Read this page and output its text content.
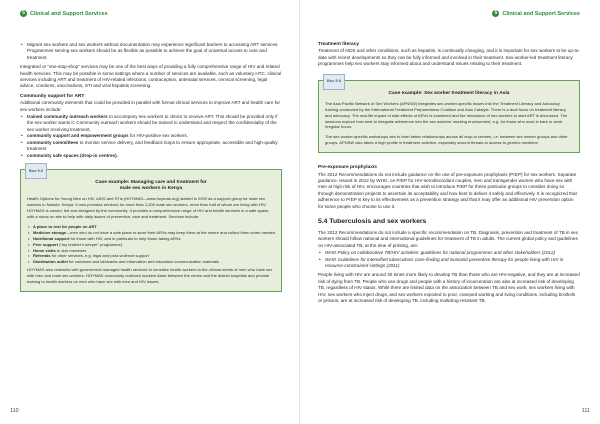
5 Clinical and Support Services
• Migrant sex workers and sex workers without documentation may experience significant barriers to accessing ART services. Programmes serving sex workers should be as flexible as possible to achieve the goal of universal access to care and treatment.

Integrated or “one-stop-shop” services may be one of the best ways of providing a fully comprehensive range of HIV and related health services. This may be possible in some settings where a number of services are available, such as voluntary HTC, clinical services including ART and treatment of HIV-related infections, contraception, antenatal services, cervical screening, legal advice, condoms, vaccinations, STI and viral hepatitis screening.

Community support for ART

Additional community elements that could be provided in parallel with formal clinical services to improve ART and health care for sex workers include:

• trained community outreach workers to accompany sex workers to clinics to receive ART. This should be provided only if the sex worker wants it. Community outreach workers should be trained to understand and respect the confidentiality of the sex worker receiving treatment.
• community support and empowerment groups for HIV-positive sex workers.
• community committees to monitor service delivery, and feedback loops to ensure appropriate, accessible and high-quality treatment
• community safe spaces (drop-in centres).
Box 5.6
Case example: Managing care and treatment for
male sex workers in Kenya

Health Options for Young Men on HIV, AIDS and STIs (HOYMAS—www.hoymas.org) started in 2009 as a support group for male sex workers in Nairobi, Kenya. It now provides services for more than 1,200 male sex workers, more than half of whom are living with HIV. HOYMAS is owned, led and designed by the community. It provides a comprehensive range of HIV and health services in a safe space, with a nurse on site to help with daily issues of prevention, care and treatment. Services include:

• A place to rest for people on ART
• Medicine storage—men who do not have a safe place to store their ARVs may keep them at the centre and collect them when needed
• Nutritional support for those with HIV, and in particular to help those taking ARVs
• Peer support (“my brother’s keeper” programme)
• Home visits to sick members
• Referrals for other services, e.g. legal and post-violence support
• Distribution outlet for condoms and lubricants and information and education communication materials

HOYMAS also networks with government-managed health services to sensitize health workers to the clinical needs of men who have sex with men and male sex workers. HOYMAS community outreach workers liaise between the centre and the district hospitals and provide training to health workers on men who have sex with men and HIV issues.

110
5 Clinical and Support Services
Treatment literacy

Treatment of AIDS and other conditions, such as hepatitis, is continually changing, and it is important for sex workers to be up-to-date with recent developments so they can be fully informed and involved in their treatment. Sex-worker-led treatment literacy programmes help sex workers stay informed about and understand issues relating to their treatment.

Box 5.8
Case example: Sex worker treatment literacy in Asia

The Asia Pacific Network of Sex Workers (APNSW) integrates sex-worker-specific issues into the Treatment Literacy and Advocacy training conducted by the International Treatment Preparedness Coalition and Asia Catalyst. There is a dual focus on treatment literacy and advocacy. The real-life impact of side-effects of ARVs is examined and the reluctance of sex workers to start ART is discussed. The sessions explore how best to integrate adherence into the sex workers’ working environment, e.g. for those who work in bars or work irregular hours.

The sex-worker-specific workshops aim to form better relationships across all drop-in centres, i.e. between sex worker groups and other groups. APNSW also takes a high profile in treatment activism, especially around threats to access to generic medicine.

Pre-exposure prophylaxis

The 2012 Recommendations do not include guidance on the use of pre-exposure prophylaxis (PrEP) for sex workers. Separate guidance, issued in 2012 by WHO, on PrEP for HIV-serodiscordant couples, men and transgender women who have sex with men at high risk of HIV, encourages countries that wish to introduce PrEP for these particular groups to consider doing so through demonstration projects to ascertain its acceptability and how best to deliver it safely and effectively. It is recognized that adherence to PrEP is key to its effectiveness as a prevention strategy and that it may offer an additional HIV prevention option for some people who choose to use it.

5.4 Tuberculosis and sex workers

The 2012 Recommendations do not include a specific recommendation on TB. Diagnosis, prevention and treatment of TB in sex workers should follow national and international guidelines for treatment of TB in adults. The current global policy and guidelines on HIV-associated TB, at the time of printing, are:

• WHO Policy on collaborative TB/HIV activities: guidelines for national programmes and other stakeholders (2012)
• WHO Guidelines for intensified tuberculosis case-finding and isoniazid preventive therapy for people living with HIV in resource-constrained settings (2011)

People living with HIV are around 30 times more likely to develop TB than those who are HIV-negative, and they are at increased risk of dying from TB. People who use drugs and people with a history of incarceration are also at increased risk of developing TB, regardless of HIV status. While there are limited data on the association between TB and sex work, sex workers living with HIV, sex workers who inject drugs, and sex workers exposed to poor, cramped working and living conditions, including brothels or prisons, are at increased risk of developing TB, including multidrug-resistant TB.

111
